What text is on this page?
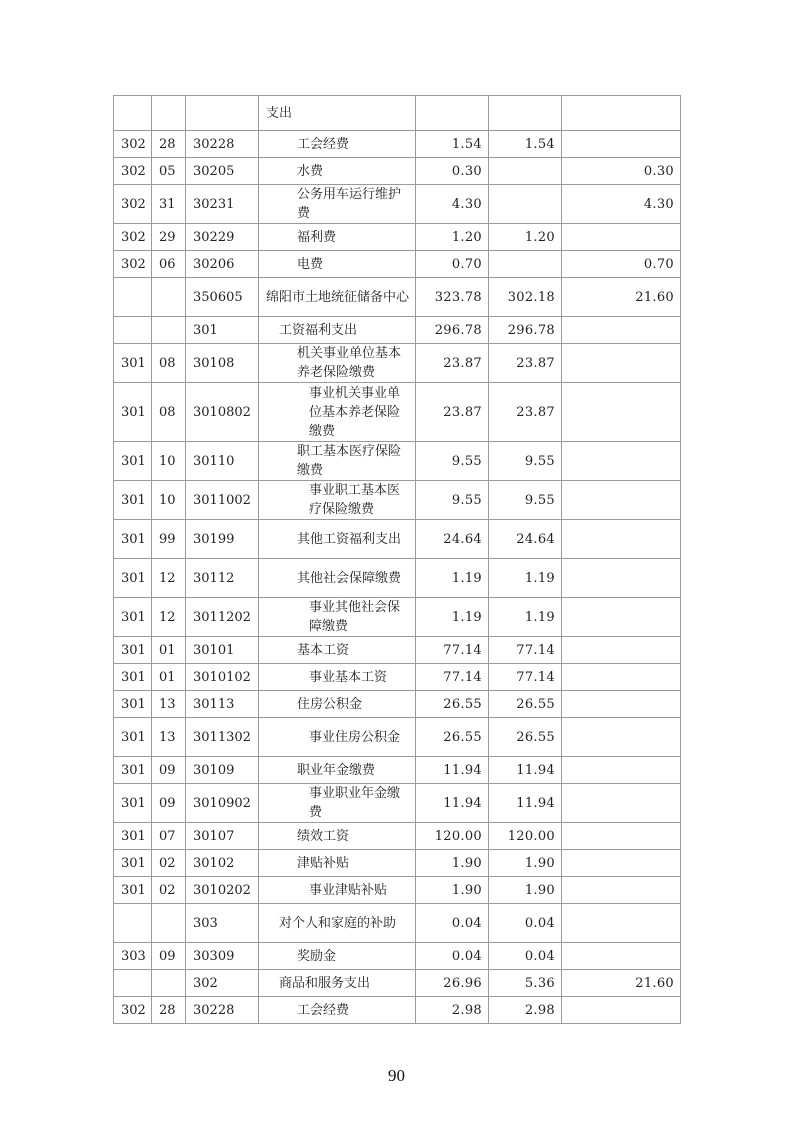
			支出			
302	28	30228	工会经费	1.54	1.54	
302	05	30205	水费	0.30		0.30
302	31	30231	公务用车运行维护费	4.30		4.30
302	29	30229	福利费	1.20	1.20	
302	06	30206	电费	0.70		0.70
		350605	绵阳市土地统征储备中心	323.78	302.18	21.60
		301	工资福利支出	296.78	296.78	
301	08	30108	机关事业单位基本养老保险缴费	23.87	23.87	
301	08	3010802	事业机关事业单位基本养老保险缴费	23.87	23.87	
301	10	30110	职工基本医疗保险缴费	9.55	9.55	
301	10	3011002	事业职工基本医疗保险缴费	9.55	9.55	
301	99	30199	其他工资福利支出	24.64	24.64	
301	12	30112	其他社会保障缴费	1.19	1.19	
301	12	3011202	事业其他社会保障缴费	1.19	1.19	
301	01	30101	基本工资	77.14	77.14	
301	01	3010102	事业基本工资	77.14	77.14	
301	13	30113	住房公积金	26.55	26.55	
301	13	3011302	事业住房公积金	26.55	26.55	
301	09	30109	职业年金缴费	11.94	11.94	
301	09	3010902	事业职业年金缴费	11.94	11.94	
301	07	30107	绩效工资	120.00	120.00	
301	02	30102	津贴补贴	1.90	1.90	
301	02	3010202	事业津贴补贴	1.90	1.90	
		303	对个人和家庭的补助	0.04	0.04	
303	09	30309	奖励金	0.04	0.04	
		302	商品和服务支出	26.96	5.36	21.60
302	28	30228	工会经费	2.98	2.98	
90
